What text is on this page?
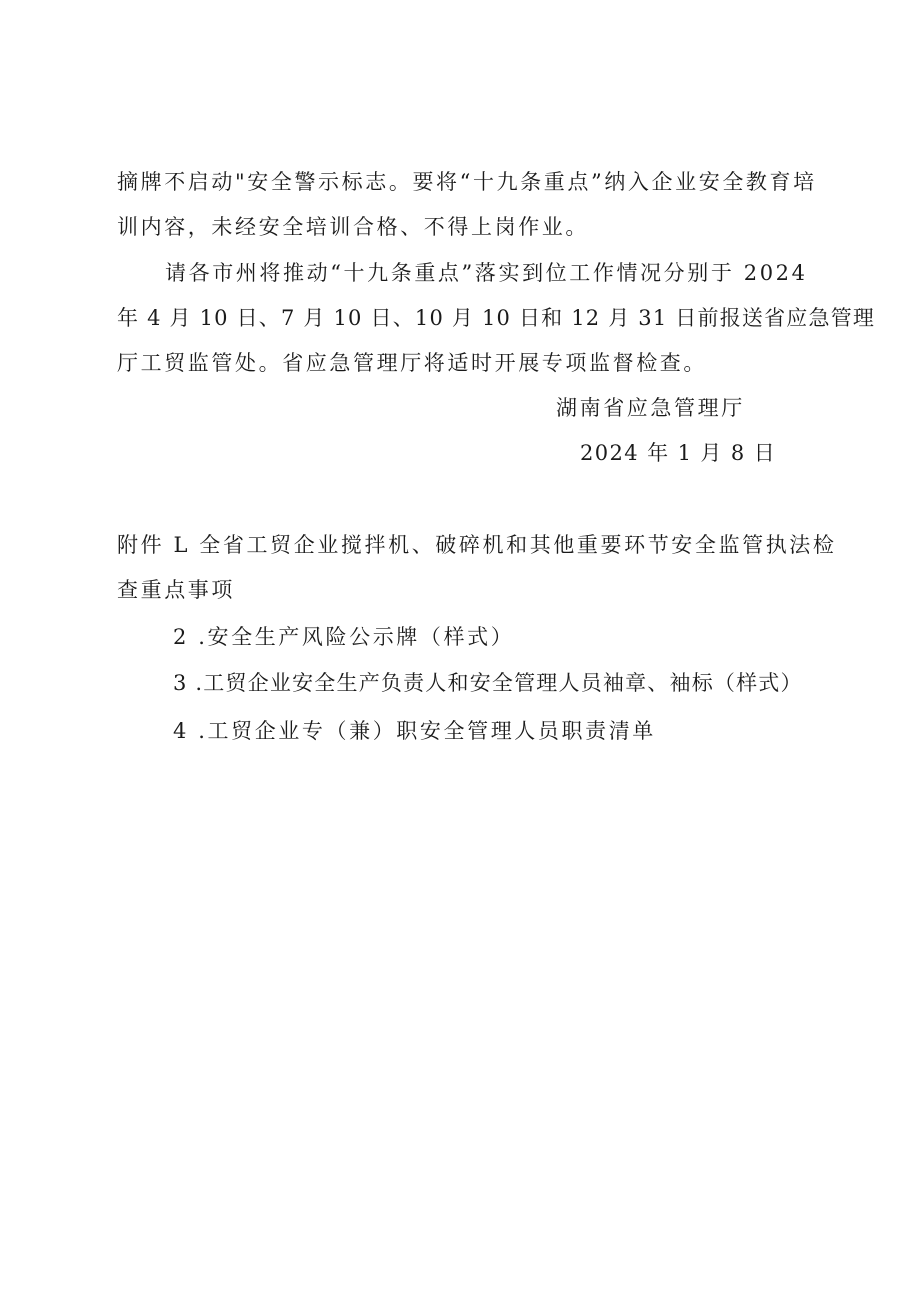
摘牌不启动"安全警示标志。要将“十九条重点”纳入企业安全教育培
训内容，未经安全培训合格、不得上岗作业。
请各市州将推动“十九条重点”落实到位工作情况分别于 2024
年 4 月 10 日、7 月 10 日、10 月 10 日和 12 月 31 日前报送省应急管理
厅工贸监管处。省应急管理厅将适时开展专项监督检查。
湖南省应急管理厅
2024 年 1 月 8 日
附件 L 全省工贸企业搅拌机、破碎机和其他重要环节安全监管执法检
查重点事项
2 .安全生产风险公示牌（样式）
3 .工贸企业安全生产负责人和安全管理人员袖章、袖标（样式）
4 .工贸企业专（兼）职安全管理人员职责清单
